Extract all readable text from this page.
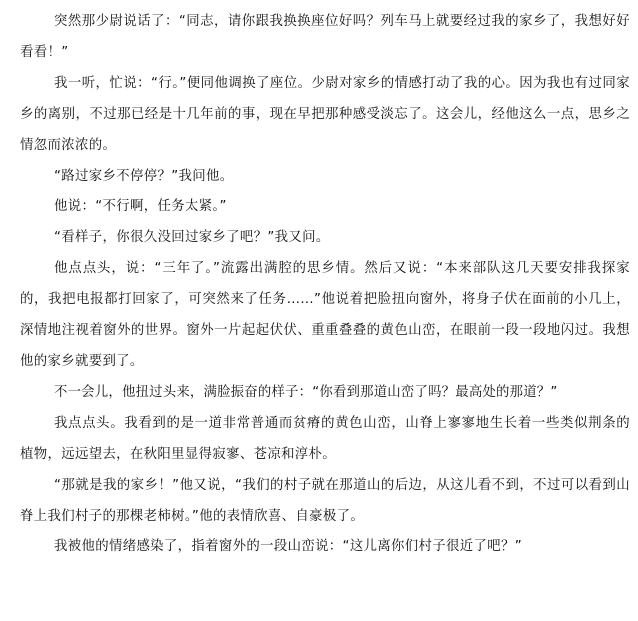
突然那少尉说话了：“同志，请你跟我换换座位好吗？列车马上就要经过我的家乡了，我想好好看看！”

我一听，忙说：“行。”便同他调换了座位。少尉对家乡的情感打动了我的心。因为我也有过同家乡的离别，不过那已经是十几年前的事，现在早把那种感受淡忘了。这会儿，经他这么一点，思乡之情忽而浓浓的。

“路过家乡不停停？”我问他。

他说：“不行啊，任务太紧。”

“看样子，你很久没回过家乡了吧？”我又问。

他点点头，说：“三年了。”流露出满腔的思乡情。然后又说：“本来部队这几天要安排我探家的，我把电报都打回家了，可突然来了任务……”他说着把脸扭向窗外，将身子伏在面前的小几上，深情地注视着窗外的世界。窗外一片起起伏伏、重重叠叠的黄色山峦，在眼前一段一段地闪过。我想他的家乡就要到了。

不一会儿，他扭过头来，满脸振奋的样子：“你看到那道山峦了吗？最高处的那道？”

我点点头。我看到的是一道非常普通而贫瘠的黄色山峦，山脊上寥寥地生长着一些类似荆条的植物，远远望去，在秋阳里显得寂寥、苍凉和淳朴。

“那就是我的家乡！”他又说，“我们的村子就在那道山的后边，从这儿看不到，不过可以看到山脊上我们村子的那棵老柿树。”他的表情欣喜、自豪极了。

我被他的情绪感染了，指着窗外的一段山峦说：“这儿离你们村子很近了吧？”
